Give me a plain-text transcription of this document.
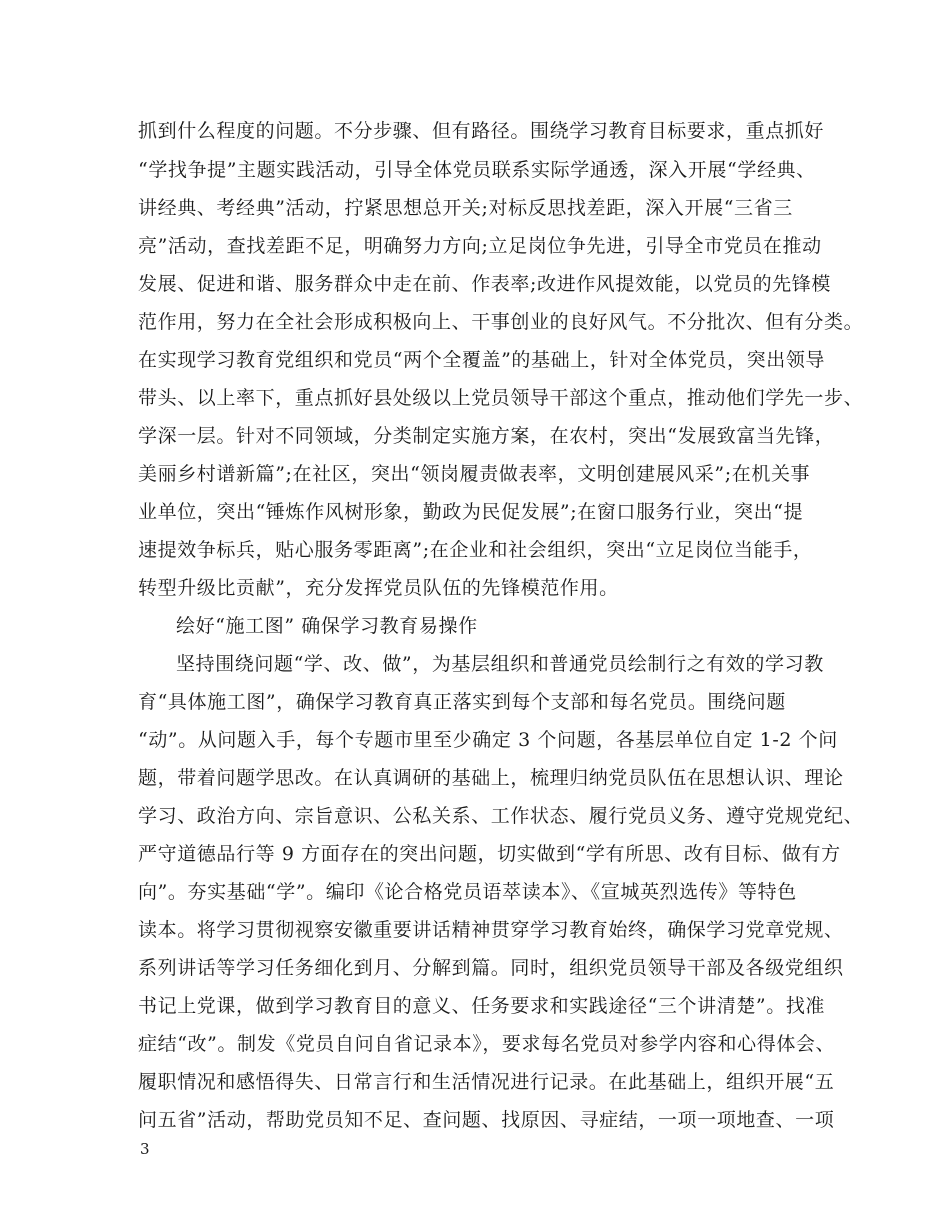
抓到什么程度的问题。不分步骤、但有路径。围绕学习教育目标要求，重点抓好
“学找争提”主题实践活动，引导全体党员联系实际学通透，深入开展“学经典、
讲经典、考经典”活动，拧紧思想总开关;对标反思找差距，深入开展“三省三
亮”活动，查找差距不足，明确努力方向;立足岗位争先进，引导全市党员在推动
发展、促进和谐、服务群众中走在前、作表率;改进作风提效能，以党员的先锋模
范作用，努力在全社会形成积极向上、干事创业的良好风气。不分批次、但有分类。
在实现学习教育党组织和党员“两个全覆盖”的基础上，针对全体党员，突出领导
带头、以上率下，重点抓好县处级以上党员领导干部这个重点，推动他们学先一步、
学深一层。针对不同领域，分类制定实施方案，在农村，突出“发展致富当先锋，
美丽乡村谱新篇”;在社区，突出“领岗履责做表率，文明创建展风采”;在机关事
业单位，突出“锤炼作风树形象，勤政为民促发展”;在窗口服务行业，突出“提
速提效争标兵，贴心服务零距离”;在企业和社会组织，突出“立足岗位当能手，
转型升级比贡献”，充分发挥党员队伍的先锋模范作用。
绘好“施工图” 确保学习教育易操作
坚持围绕问题“学、改、做”，为基层组织和普通党员绘制行之有效的学习教
育“具体施工图”，确保学习教育真正落实到每个支部和每名党员。围绕问题
“动”。从问题入手，每个专题市里至少确定 3 个问题，各基层单位自定 1-2 个问
题，带着问题学思改。在认真调研的基础上，梳理归纳党员队伍在思想认识、理论
学习、政治方向、宗旨意识、公私关系、工作状态、履行党员义务、遵守党规党纪、
严守道德品行等 9 方面存在的突出问题，切实做到“学有所思、改有目标、做有方
向”。夯实基础“学”。编印《论合格党员语萃读本》、《宣城英烈选传》等特色
读本。将学习贯彻视察安徽重要讲话精神贯穿学习教育始终，确保学习党章党规、
系列讲话等学习任务细化到月、分解到篇。同时，组织党员领导干部及各级党组织
书记上党课，做到学习教育目的意义、任务要求和实践途径“三个讲清楚”。找准
症结“改”。制发《党员自问自省记录本》，要求每名党员对参学内容和心得体会、
履职情况和感悟得失、日常言行和生活情况进行记录。在此基础上，组织开展“五
问五省”活动，帮助党员知不足、查问题、找原因、寻症结，一项一项地查、一项
3
